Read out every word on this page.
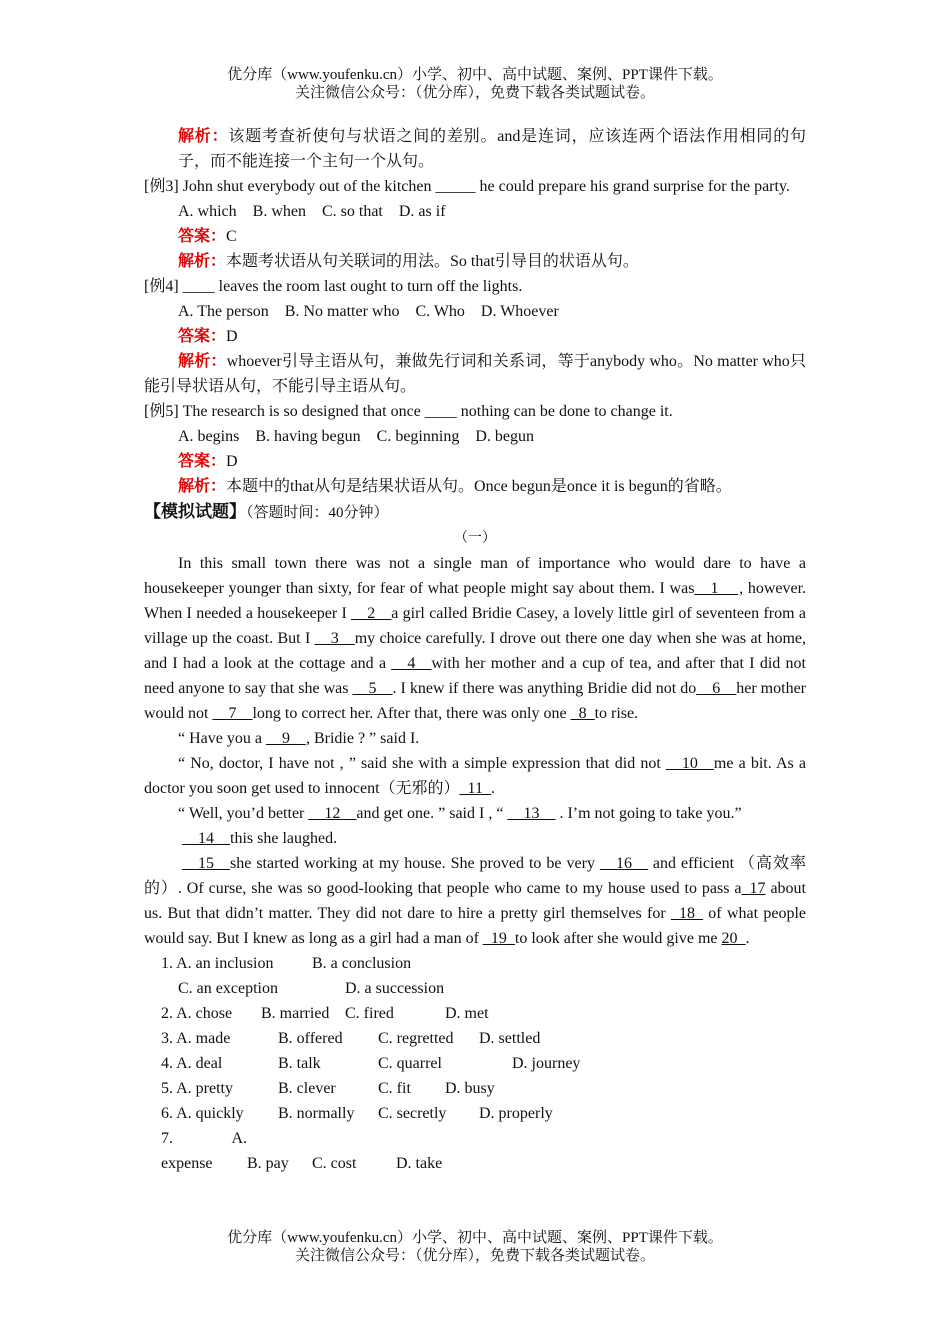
优分库（www.youfenku.cn）小学、初中、高中试题、案例、PPT课件下载。
关注微信公众号：（优分库），免费下载各类试题试卷。

解析：该题考查祈使句与状语之间的差别。and是连词，应该连两个语法作用相同的句子，而不能连接一个主句一个从句。

[例3] John shut everybody out of the kitchen _____ he could prepare his grand surprise for the party.

A. which    B. when    C. so that    D. as if

答案：C

解析：本题考状语从句关联词的用法。So that引导目的状语从句。

[例4] ____ leaves the room last ought to turn off the lights.

A. The person    B. No matter who    C. Who    D. Whoever

答案：D

解析：whoever引导主语从句，兼做先行词和关系词，等于anybody who。No matter who只能引导状语从句，不能引导主语从句。

[例5] The research is so designed that once ____ nothing can be done to change it.

A. begins    B. having begun    C. beginning    D. begun

答案：D

解析：本题中的that从句是结果状语从句。Once begun是once it is begun的省略。

【模拟试题】（答题时间：40分钟）

（一）

In this small town there was not a single man of importance who would dare to have a housekeeper younger than sixty, for fear of what people might say about them. I was__1__ , however. When I needed a housekeeper I __2__a girl called Bridie Casey, a lovely little girl of seventeen from a village up the coast. But I __3__my choice carefully. I drove out there one day when she was at home, and I had a look at the cottage and a __4__with her mother and a cup of tea, and after that I did not need anyone to say that she was __5__. I knew if there was anything Bridie did not do__6__her mother would not __7__long to correct her. After that, there was only one _8_to rise.

“ Have you a __9__, Bridie ? ” said I.

“ No, doctor, I have not , ” said she with a simple expression that did not __10__me a bit. As a doctor you soon get used to innocent（无邪的）_11_.

“ Well, you’d better __12__and get one. ” said I , “ __13__ . I’m not going to take you.”

__14__this she laughed.

__15__she started working at my house. She proved to be very __16__ and efficient （高效率的）. Of curse, she was so good-looking that people who came to my house used to pass a_17 about us. But that didn’t matter. They did not dare to hire a pretty girl themselves for _18_ of what people would say. But I knew as long as a girl had a man of _19_to look after she would give me 20_.

1. A. an inclusion B. a conclusion

C. an exception	D. a succession

2. A. chose B. married C. fired	D. met

3. A. made	B. offered C. regretted D. settled

4. A. deal	B. talk	C. quarrel	D. journey

5. A. pretty	B. clever	C. fit D. busy

6. A. quickly B. normally C. secretly D. properly

7. A. expense B. pay C. cost D. take

优分库（www.youfenku.cn）小学、初中、高中试题、案例、PPT课件下载。
关注微信公众号：（优分库），免费下载各类试题试卷。
